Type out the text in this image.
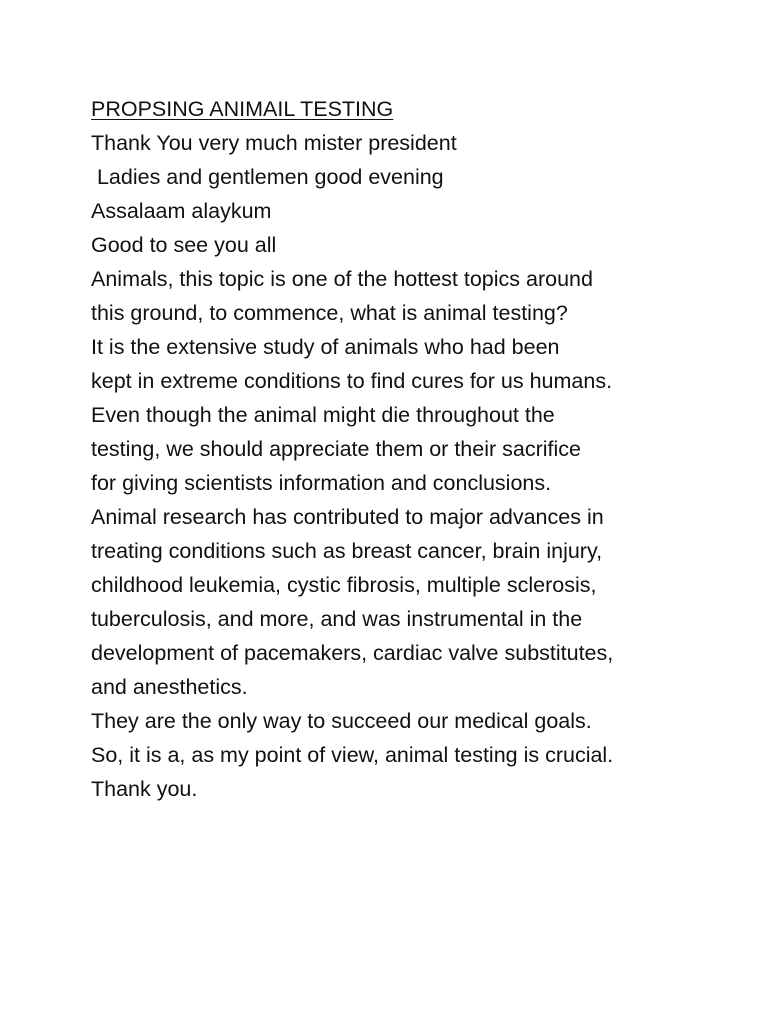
PROPSING ANIMAIL TESTING
Thank You very much mister president
Ladies and gentlemen good evening
Assalaam alaykum
Good to see you all
Animals, this topic is one of the hottest topics around
this ground, to commence, what is animal testing?
It is the extensive study of animals who had been
kept in extreme conditions to find cures for us humans.
Even though the animal might die throughout the
testing, we should appreciate them or their sacrifice
for giving scientists information and conclusions.
Animal research has contributed to major advances in
treating conditions such as breast cancer, brain injury,
childhood leukemia, cystic fibrosis, multiple sclerosis,
tuberculosis, and more, and was instrumental in the
development of pacemakers, cardiac valve substitutes,
and anesthetics.
They are the only way to succeed our medical goals.
So, it is a, as my point of view, animal testing is crucial.
Thank you.
